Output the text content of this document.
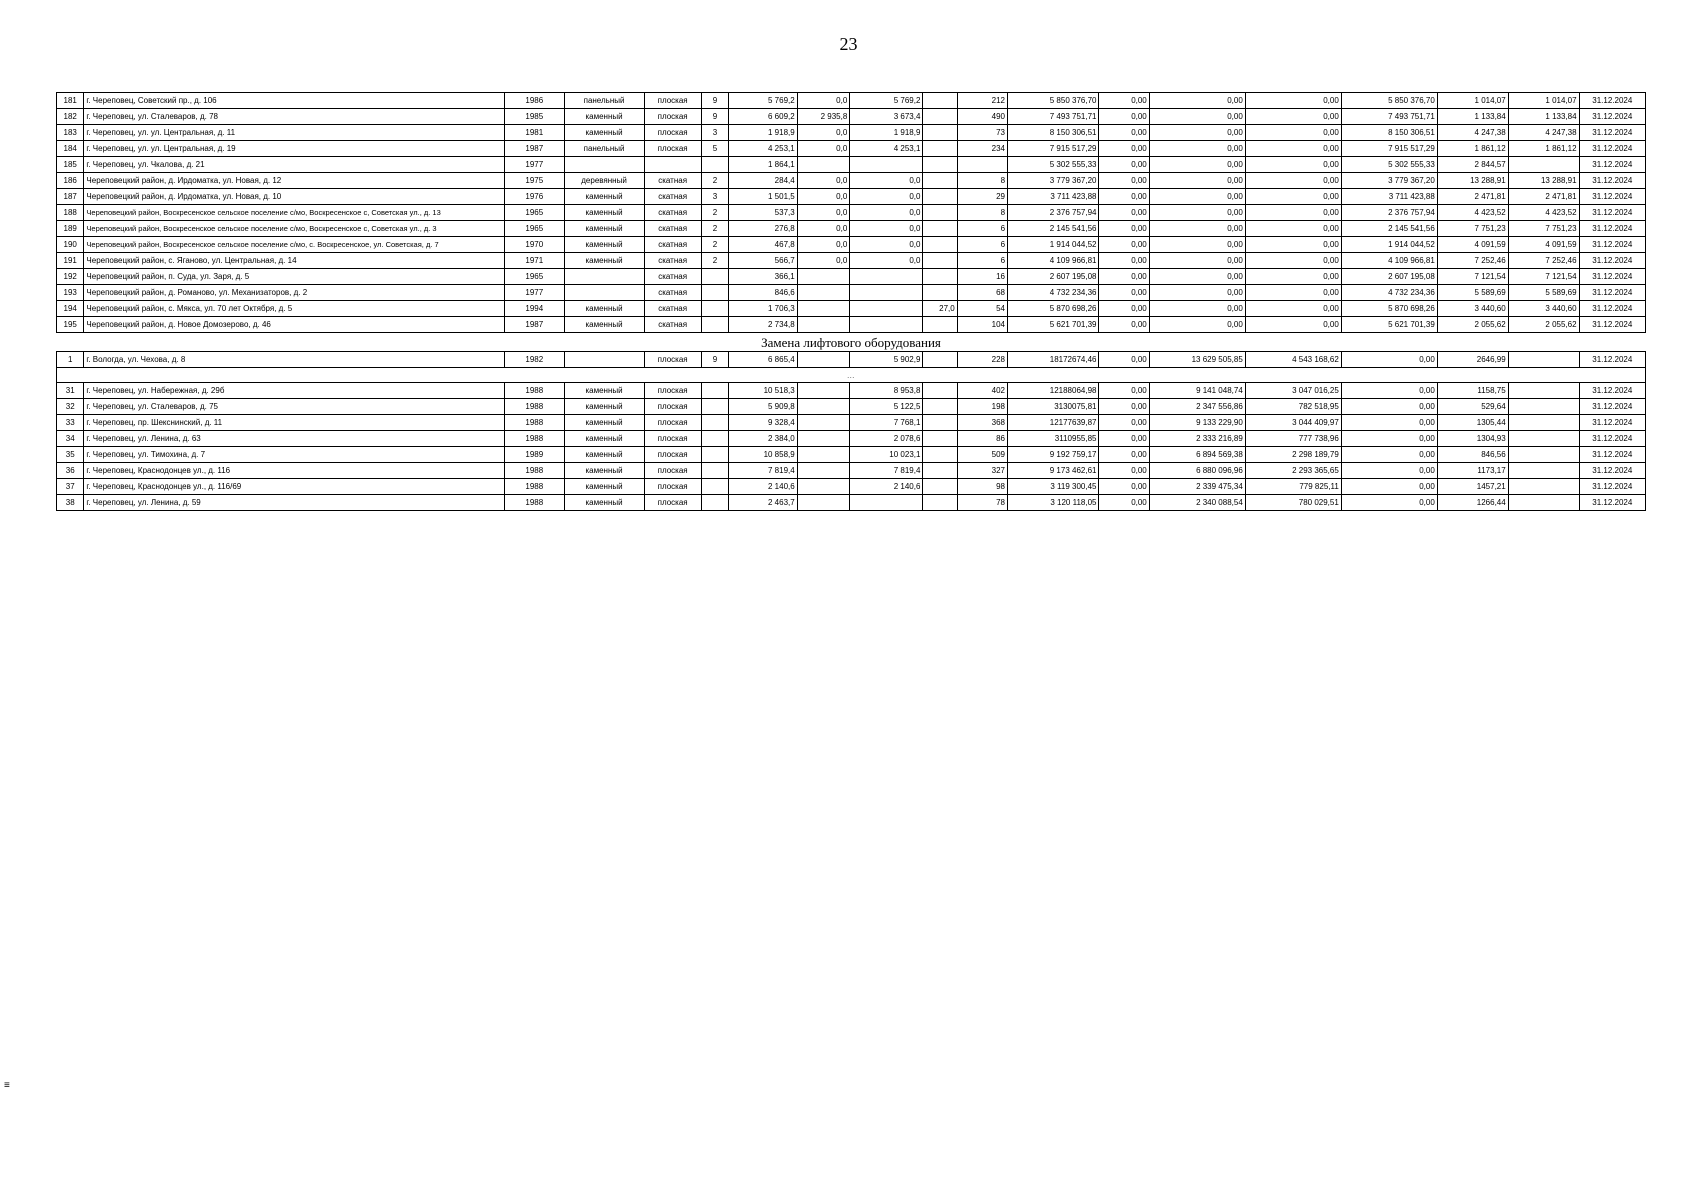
23
181	г. Череповец, Советский пр., д. 106	1986	панельный	плоская	9	5 769,2	0,0	5 769,2		212	5 850 376,70	0,00	0,00	0,00	5 850 376,70	1 014,07	1 014,07	31.12.2024
182	г. Череповец, ул. Сталеваров, д. 78	1985	каменный	плоская	9	6 609,2	2 935,8	3 673,4		490	7 493 751,71	0,00	0,00	0,00	7 493 751,71	1 133,84	1 133,84	31.12.2024
183	г. Череповец, ул. ул. Центральная, д. 11	1981	каменный	плоская	3	1 918,9	0,0	1 918,9		73	8 150 306,51	0,00	0,00	0,00	8 150 306,51	4 247,38	4 247,38	31.12.2024
184	г. Череповец, ул. ул. Центральная, д. 19	1987	панельный	плоская	5	4 253,1	0,0	4 253,1		234	7 915 517,29	0,00	0,00	0,00	7 915 517,29	1 861,12	1 861,12	31.12.2024
185	г. Череповец, ул. Чкалова, д. 21	1977				1 864,1					5 302 555,33	0,00	0,00	0,00	5 302 555,33	2 844,57		31.12.2024
186	Череповецкий район, д. Ирдоматка, ул. Новая, д. 12	1975	деревянный	скатная	2	284,4	0,0	0,0		8	3 779 367,20	0,00	0,00	0,00	3 779 367,20	13 288,91	13 288,91	31.12.2024
187	Череповецкий район, д. Ирдоматка, ул. Новая, д. 10	1976	каменный	скатная	3	1 501,5	0,0	0,0		29	3 711 423,88	0,00	0,00	0,00	3 711 423,88	2 471,81	2 471,81	31.12.2024
188	Череповецкий район, Воскресенское сельское поселение с/мо, Воскресенское с, Советская ул., д. 13	1965	каменный	скатная	2	537,3	0,0	0,0		8	2 376 757,94	0,00	0,00	0,00	2 376 757,94	4 423,52	4 423,52	31.12.2024
189	Череповецкий район, Воскресенское сельское поселение с/мо, Воскресенское с, Советская ул., д. 3	1965	каменный	скатная	2	276,8	0,0	0,0		6	2 145 541,56	0,00	0,00	0,00	2 145 541,56	7 751,23	7 751,23	31.12.2024
190	Череповецкий район, Воскресенское сельское поселение с/мо, с. Воскресенское, ул. Советская, д. 7	1970	каменный	скатная	2	467,8	0,0	0,0		6	1 914 044,52	0,00	0,00	0,00	1 914 044,52	4 091,59	4 091,59	31.12.2024
191	Череповецкий район, с. Яганово, ул. Центральная, д. 14	1971	каменный	скатная	2	566,7	0,0	0,0		6	4 109 966,81	0,00	0,00	0,00	4 109 966,81	7 252,46	7 252,46	31.12.2024
192	Череповецкий район, п. Суда, ул. Заря, д. 5	1965		скатная		366,1				16	2 607 195,08	0,00	0,00	0,00	2 607 195,08	7 121,54	7 121,54	31.12.2024
193	Череповецкий район, д. Романово, ул. Механизаторов, д. 2	1977		скатная		846,6				68	4 732 234,36	0,00	0,00	0,00	4 732 234,36	5 589,69	5 589,69	31.12.2024
194	Череповецкий район, с. Мякса, ул. 70 лет Октября, д. 5	1994	каменный	скатная		1 706,3			27,0	54	5 870 698,26	0,00	0,00	0,00	5 870 698,26	3 440,60	3 440,60	31.12.2024
195	Череповецкий район, д. Новое Домозерово, д. 46	1987	каменный	скатная		2 734,8				104	5 621 701,39	0,00	0,00	0,00	5 621 701,39	2 055,62	2 055,62	31.12.2024
Замена лифтового оборудования																		
1	г. Вологда, ул. Чехова, д. 8	1982		плоская	9	6 865,4		5 902,9		228	18172674,46	0,00	13 629 505,85	4 543 168,62	0,00	2646,99		31.12.2024
…																		
31	г. Череповец, ул. Набережная, д. 29б	1988	каменный	плоская		10 518,3		8 953,8		402	12188064,98	0,00	9 141 048,74	3 047 016,25	0,00	1158,75		31.12.2024
32	г. Череповец, ул. Сталеваров, д. 75	1988	каменный	плоская		5 909,8		5 122,5		198	3130075,81	0,00	2 347 556,86	782 518,95	0,00	529,64		31.12.2024
33	г. Череповец, пр. Шекснинский, д. 11	1988	каменный	плоская		9 328,4		7 768,1		368	12177639,87	0,00	9 133 229,90	3 044 409,97	0,00	1305,44		31.12.2024
34	г. Череповец, ул. Ленина, д. 63	1988	каменный	плоская		2 384,0		2 078,6		86	3110955,85	0,00	2 333 216,89	777 738,96	0,00	1304,93		31.12.2024
35	г. Череповец, ул. Тимохина, д. 7	1989	каменный	плоская		10 858,9		10 023,1		509	9 192 759,17	0,00	6 894 569,38	2 298 189,79	0,00	846,56		31.12.2024
36	г. Череповец, Краснодонцев ул., д. 116	1988	каменный	плоская		7 819,4		7 819,4		327	9 173 462,61	0,00	6 880 096,96	2 293 365,65	0,00	1173,17		31.12.2024
37	г. Череповец, Краснодонцев ул., д. 116/69	1988	каменный	плоская		2 140,6		2 140,6		98	3 119 300,45	0,00	2 339 475,34	779 825,11	0,00	1457,21		31.12.2024
38	г. Череповец, ул. Ленина, д. 59	1988	каменный	плоская		2 463,7				78	3 120 118,05	0,00	2 340 088,54	780 029,51	0,00	1266,44		31.12.2024
≡
